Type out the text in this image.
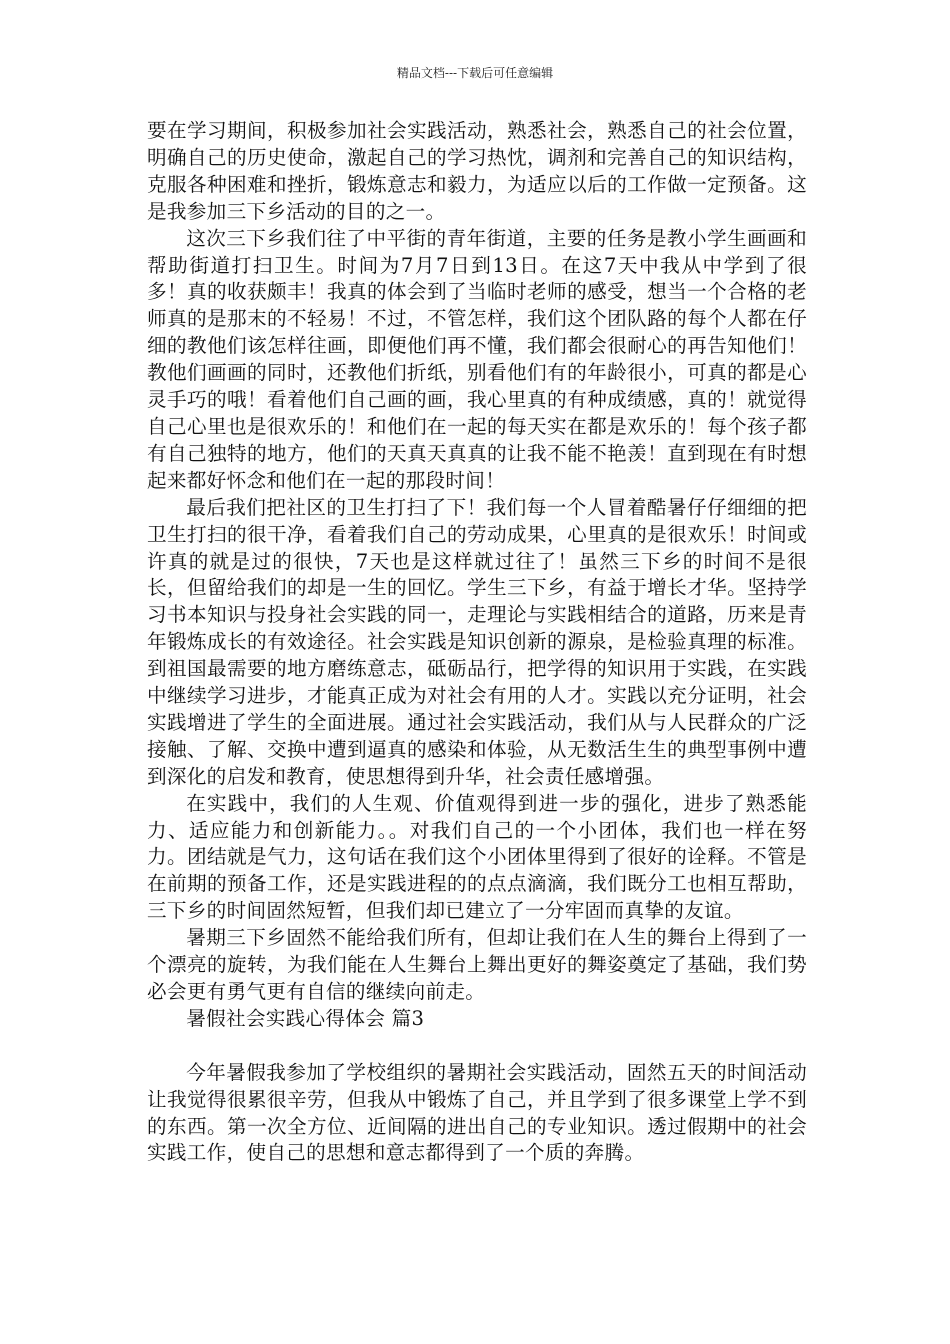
精品文档---下载后可任意编辑

要在学习期间，积极参加社会实践活动，熟悉社会，熟悉自己的社会位置，明确自己的历史使命，激起自己的学习热忱，调剂和完善自己的知识结构，克服各种困难和挫折，锻炼意志和毅力，为适应以后的工作做一定预备。这是我参加三下乡活动的目的之一。

这次三下乡我们往了中平街的青年街道，主要的任务是教小学生画画和帮助街道打扫卫生。时间为7月7日到13日。在这7天中我从中学到了很多！真的收获颇丰！我真的体会到了当临时老师的感受，想当一个合格的老师真的是那末的不轻易！不过，不管怎样，我们这个团队路的每个人都在仔细的教他们该怎样往画，即便他们再不懂，我们都会很耐心的再告知他们！教他们画画的同时，还教他们折纸，别看他们有的年龄很小，可真的都是心灵手巧的哦！看着他们自己画的画，我心里真的有种成绩感，真的！就觉得自己心里也是很欢乐的！和他们在一起的每天实在都是欢乐的！每个孩子都有自己独特的地方，他们的天真天真真的让我不能不艳羡！直到现在有时想起来都好怀念和他们在一起的那段时间！

最后我们把社区的卫生打扫了下！我们每一个人冒着酷暑仔仔细细的把卫生打扫的很干净，看着我们自己的劳动成果，心里真的是很欢乐！时间或许真的就是过的很快，7天也是这样就过往了！虽然三下乡的时间不是很长，但留给我们的却是一生的回忆。学生三下乡，有益于增长才华。坚持学习书本知识与投身社会实践的同一，走理论与实践相结合的道路，历来是青年锻炼成长的有效途径。社会实践是知识创新的源泉，是检验真理的标准。到祖国最需要的地方磨练意志，砥砺品行，把学得的知识用于实践，在实践中继续学习进步，才能真正成为对社会有用的人才。实践以充分证明，社会实践增进了学生的全面进展。通过社会实践活动，我们从与人民群众的广泛接触、了解、交换中遭到逼真的感染和体验，从无数活生生的典型事例中遭到深化的启发和教育，使思想得到升华，社会责任感增强。

在实践中，我们的人生观、价值观得到进一步的强化，进步了熟悉能力、适应能力和创新能力。。对我们自己的一个小团体，我们也一样在努力。团结就是气力，这句话在我们这个小团体里得到了很好的诠释。不管是在前期的预备工作，还是实践进程的的点点滴滴，我们既分工也相互帮助，三下乡的时间固然短暂，但我们却已建立了一分牢固而真挚的友谊。

暑期三下乡固然不能给我们所有，但却让我们在人生的舞台上得到了一个漂亮的旋转，为我们能在人生舞台上舞出更好的舞姿奠定了基础，我们势必会更有勇气更有自信的继续向前走。

暑假社会实践心得体会 篇3

今年暑假我参加了学校组织的暑期社会实践活动，固然五天的时间活动让我觉得很累很辛劳，但我从中锻炼了自己，并且学到了很多课堂上学不到的东西。第一次全方位、近间隔的进出自己的专业知识。透过假期中的社会实践工作，使自己的思想和意志都得到了一个质的奔腾。
